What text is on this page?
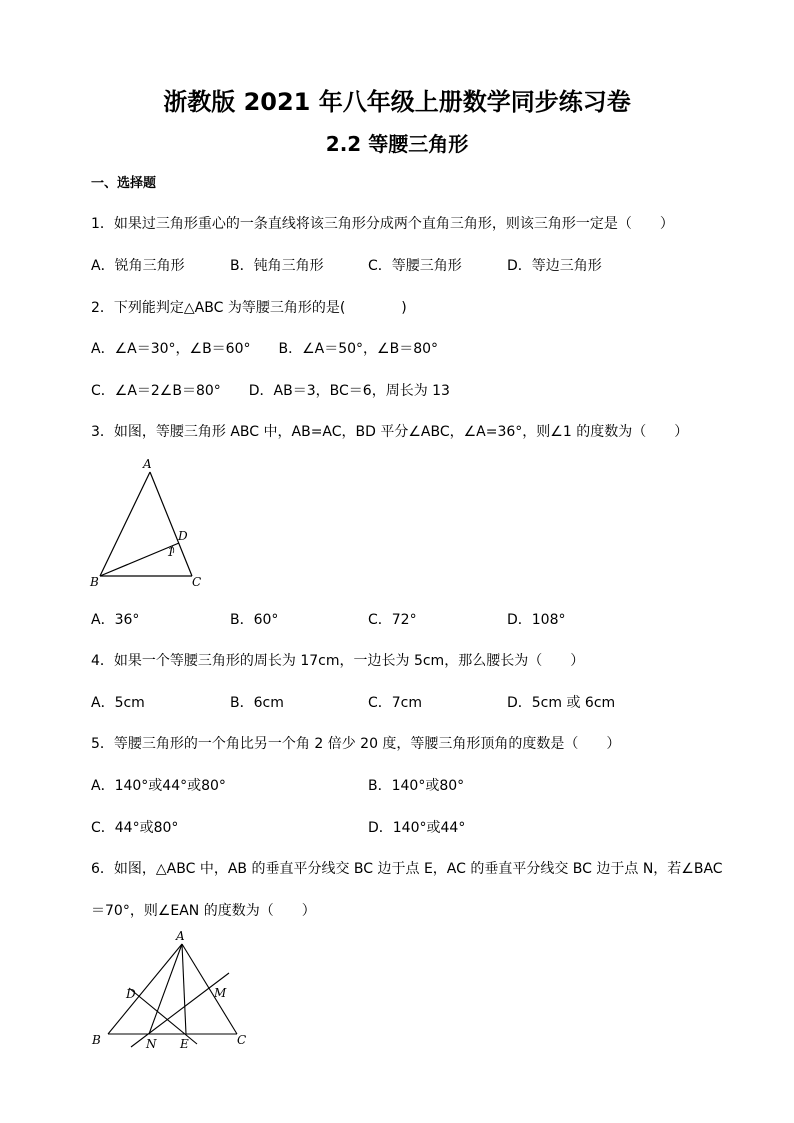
浙教版 2021 年八年级上册数学同步练习卷
2.2 等腰三角形
一、选择题
1．如果过三角形重心的一条直线将该三角形分成两个直角三角形，则该三角形一定是（　　）
A．锐角三角形	B．钝角三角形	C．等腰三角形	D．等边三角形
2．下列能判定△ABC 为等腰三角形的是(　　　　)
A．∠A＝30°，∠B＝60°　　B．∠A＝50°，∠B＝80°
C．∠A＝2∠B＝80°　　D．AB＝3，BC＝6，周长为 13
3．如图，等腰三角形 ABC 中，AB=AC，BD 平分∠ABC，∠A=36°，则∠1 的度数为（　　）
A
B	C
D
1
A．36°	B．60°	C．72°	D．108°
4．如果一个等腰三角形的周长为 17cm，一边长为 5cm，那么腰长为（　　）
A．5cm	B．6cm	C．7cm	D．5cm 或 6cm
5．等腰三角形的一个角比另一个角 2 倍少 20 度，等腰三角形顶角的度数是（　　）
A．140°或44°或80°	B．140°或80°
C．44°或80°	D．140°或44°
6．如图，△ABC 中，AB 的垂直平分线交 BC 边于点 E，AC 的垂直平分线交 BC 边于点 N，若∠BAC
＝70°，则∠EAN 的度数为（　　）
A
B	C
D	M
N E
